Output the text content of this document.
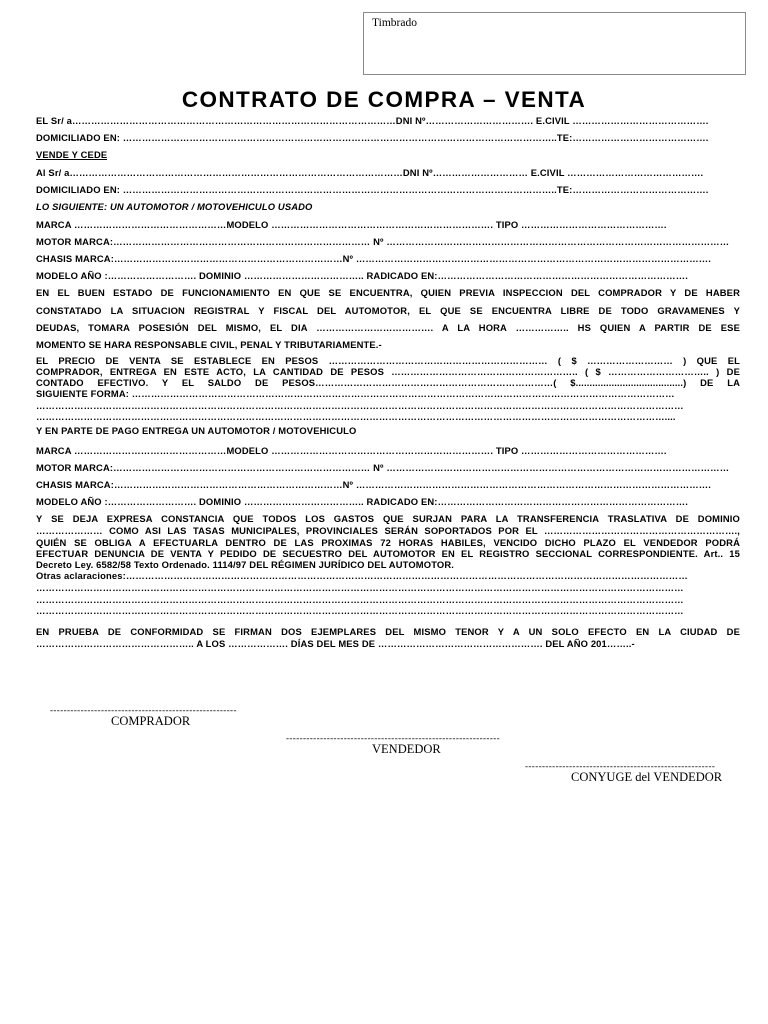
Timbrado
CONTRATO DE COMPRA – VENTA

EL Sr/ a…………………………………………………………………………………………DNI Nº……………………………. E.CIVIL …………………………………….

DOMICILIADO EN: ………………………………………………………………………………………………………………………..TE:…………………………………….

VENDE Y CEDE

Al Sr/ a……………………………………………………………………………………………DNI Nº………………………… E.CIVIL …………………………………….

DOMICILIADO EN: ………………………………………………………………………………………………………………………..TE:…………………………………….

LO SIGUIENTE: UN AUTOMOTOR / MOTOVEHICULO USADO

MARCA …………………………………………MODELO ……………………………………………………………. TIPO ……………………………………….

MOTOR MARCA:……………………………………………………………………… Nº ………………………………………………………………………………………………

CHASIS MARCA:………………………………………………………………Nº ………………………………………………………………………………………………….

MODELO AÑO :………………………. DOMINIO ……………………………….. RADICADO EN:…………………………………………………………………….

EN EL BUEN ESTADO DE FUNCIONAMIENTO EN QUE SE ENCUENTRA, QUIEN PREVIA INSPECCION DEL COMPRADOR Y DE HABER

CONSTATADO LA SITUACION REGISTRAL Y FISCAL DEL AUTOMOTOR, EL QUE SE ENCUENTRA LIBRE DE TODO GRAVAMENES Y

DEUDAS, TOMARA POSESIÓN DEL MISMO, EL DIA ………………………………. A LA HORA …………….. HS QUIEN A PARTIR DE ESE

MOMENTO SE HARA RESPONSABLE CIVIL, PENAL Y TRIBUTARIAMENTE.-

EL PRECIO DE VENTA SE ESTABLECE EN PESOS …………………………………………………………… ( $ ……………………… ) QUE EL

COMPRADOR, ENTREGA EN ESTE ACTO, LA CANTIDAD DE PESOS ………………………………………………….. ( $ ………………………….. ) DE

CONTADO EFECTIVO. Y EL SALDO DE PESOS…………………………………………………………………( $.......................................) DE LA

SIGUIENTE FORMA: ………………………………………………………………………………………………………………………………………………………

……………………………………………………………………………………………………………………………………………………………………………………

………………………………………………………………………………………………………………………………………………………………………………....

Y EN PARTE DE PAGO ENTREGA UN AUTOMOTOR / MOTOVEHICULO

MARCA …………………………………………MODELO ……………………………………………………………. TIPO ……………………………………….

MOTOR MARCA:……………………………………………………………………… Nº ………………………………………………………………………………………………

CHASIS MARCA:………………………………………………………………Nº ………………………………………………………………………………………………….

MODELO AÑO :………………………. DOMINIO ……………………………….. RADICADO EN:…………………………………………………………………….

Y SE DEJA EXPRESA CONSTANCIA QUE TODOS LOS GASTOS QUE SURJAN PARA LA TRANSFERENCIA TRASLATIVA DE DOMINIO

………………… COMO ASI LAS TASAS MUNICIPALES, PROVINCIALES SERÁN SOPORTADOS POR EL …………………………………………………….,

QUIÉN SE OBLIGA A EFECTUARLA DENTRO DE LAS PROXIMAS 72 HORAS HABILES, VENCIDO DICHO PLAZO EL VENDEDOR PODRÁ

EFECTUAR DENUNCIA DE VENTA Y PEDIDO DE SECUESTRO DEL AUTOMOTOR EN EL REGISTRO SECCIONAL CORRESPONDIENTE. Art.. 15

Decreto Ley. 6582/58 Texto Ordenado. 1114/97 DEL RÉGIMEN JURÍDICO DEL AUTOMOTOR.

Otras aclaraciones:……………………………………………………………………………………………………………………………………………………………

……………………………………………………………………………………………………………………………………………………………………………………

……………………………………………………………………………………………………………………………………………………………………………………

……………………………………………………………………………………………………………………………………………………………………………………

EN PRUEBA DE CONFORMIDAD SE FIRMAN DOS EJEMPLARES DEL MISMO TENOR Y A UN SOLO EFECTO EN LA CIUDAD DE

………………………………………….. A LOS ………………. DÍAS DEL MES DE ……………………………………………. DEL AÑO 201……..-

-------------------------------------------------------
COMPRADOR
---------------------------------------------------------------
VENDEDOR
--------------------------------------------------------
CONYUGE del VENDEDOR
